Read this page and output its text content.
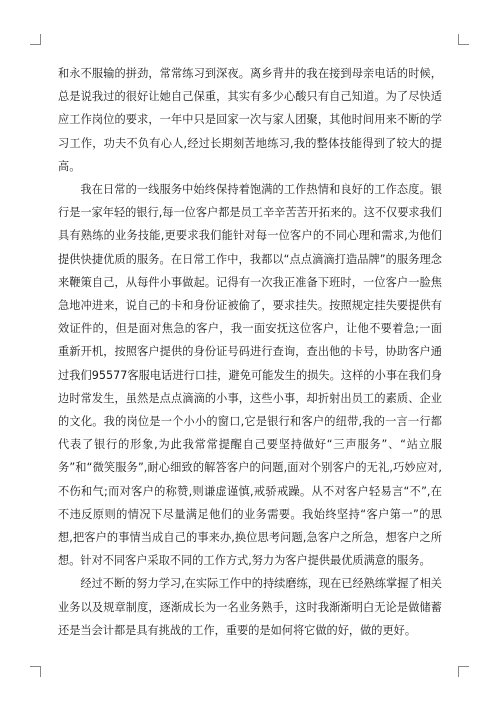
和永不服输的拼劲，常常练习到深夜。离乡背井的我在接到母亲电话的时候，总是说我过的很好让她自己保重，其实有多少心酸只有自己知道。为了尽快适应工作岗位的要求，一年中只是回家一次与家人团聚，其他时间用来不断的学习工作，功夫不负有心人,经过长期刻苦地练习,我的整体技能得到了较大的提高。

我在日常的一线服务中始终保持着饱满的工作热情和良好的工作态度。银行是一家年轻的银行,每一位客户都是员工辛辛苦苦开拓来的。这不仅要求我们具有熟练的业务技能,更要求我们能针对每一位客户的不同心理和需求,为他们提供快捷优质的服务。在日常工作中，我都以“点点滴滴打造品牌”的服务理念来鞭策自己，从每件小事做起。记得有一次我正准备下班时，一位客户一脸焦急地冲进来，说自己的卡和身份证被偷了，要求挂失。按照规定挂失要提供有效证件的，但是面对焦急的客户，我一面安抚这位客户，让他不要着急;一面重新开机，按照客户提供的身份证号码进行查询，查出他的卡号，协助客户通过我们95577客服电话进行口挂，避免可能发生的损失。这样的小事在我们身边时常发生，虽然是点点滴滴的小事，这些小事，却折射出员工的素质、企业的文化。我的岗位是一个小小的窗口,它是银行和客户的纽带,我的一言一行都代表了银行的形象,为此我常常提醒自己要坚持做好“三声服务”、“站立服务”和“微笑服务”,耐心细致的解答客户的问题,面对个别客户的无礼,巧妙应对,不伤和气;而对客户的称赞,则谦虚谨慎,戒骄戒躁。从不对客户轻易言“不”,在不违反原则的情况下尽量满足他们的业务需要。我始终坚持“客户第一”的思想,把客户的事情当成自己的事来办,换位思考问题,急客户之所急，想客户之所想。针对不同客户采取不同的工作方式,努力为客户提供最优质满意的服务。

经过不断的努力学习,在实际工作中的持续磨练，现在已经熟练掌握了相关业务以及规章制度，逐渐成长为一名业务熟手，这时我渐渐明白无论是做储蓄还是当会计都是具有挑战的工作，重要的是如何将它做的好，做的更好。
